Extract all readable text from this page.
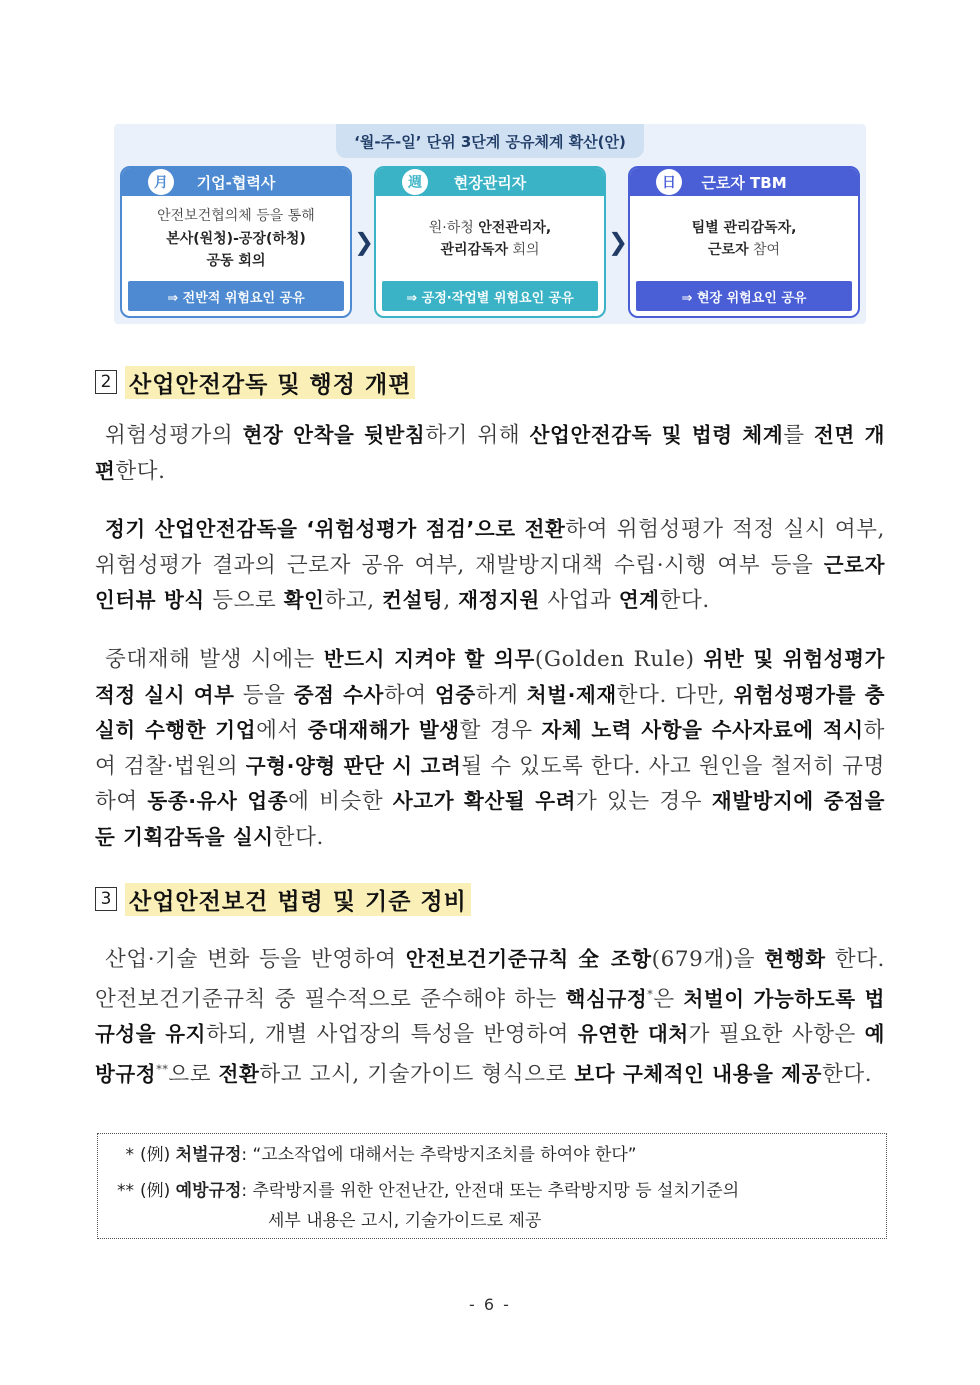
‘월-주-일’ 단위 3단계 공유체계 확산(안)
月	기업-협력사
안전보건협의체 등을 통해
본사(원청)-공장(하청)
공동 회의
⇒ 전반적 위험요인 공유
❯
週	현장관리자
원·하청 안전관리자,
관리감독자 회의
⇒ 공정·작업별 위험요인 공유
❯
日	근로자 TBM
팀별 관리감독자,
근로자 참여
⇒ 현장 위험요인 공유
2 산업안전감독 및 행정 개편
위험성평가의 현장 안착을 뒷받침하기 위해 산업안전감독 및 법령 체계를 전면 개편한다.
정기 산업안전감독을 ‘위험성평가 점검’으로 전환하여 위험성평가 적정 실시 여부, 위험성평가 결과의 근로자 공유 여부, 재발방지대책 수립·시행 여부 등을 근로자 인터뷰 방식 등으로 확인하고, 컨설팅, 재정지원 사업과 연계한다.
중대재해 발생 시에는 반드시 지켜야 할 의무(Golden Rule) 위반 및 위험성평가 적정 실시 여부 등을 중점 수사하여 엄중하게 처벌·제재한다. 다만, 위험성평가를 충실히 수행한 기업에서 중대재해가 발생할 경우 자체 노력 사항을 수사자료에 적시하여 검찰·법원의 구형·양형 판단 시 고려될 수 있도록 한다. 사고 원인을 철저히 규명하여 동종·유사 업종에 비슷한 사고가 확산될 우려가 있는 경우 재발방지에 중점을 둔 기획감독을 실시한다.
3 산업안전보건 법령 및 기준 정비
산업·기술 변화 등을 반영하여 안전보건기준규칙 全 조항(679개)을 현행화 한다. 안전보건기준규칙 중 필수적으로 준수해야 하는 핵심규정*은 처벌이 가능하도록 법규성을 유지하되, 개별 사업장의 특성을 반영하여 유연한 대처가 필요한 사항은 예방규정**으로 전환하고 고시, 기술가이드 형식으로 보다 구체적인 내용을 제공한다.
* (例) 처벌규정: “고소작업에 대해서는 추락방지조치를 하여야 한다”
** (例) 예방규정: 추락방지를 위한 안전난간, 안전대 또는 추락방지망 등 설치기준의
세부 내용은 고시, 기술가이드로 제공
- 6 -
